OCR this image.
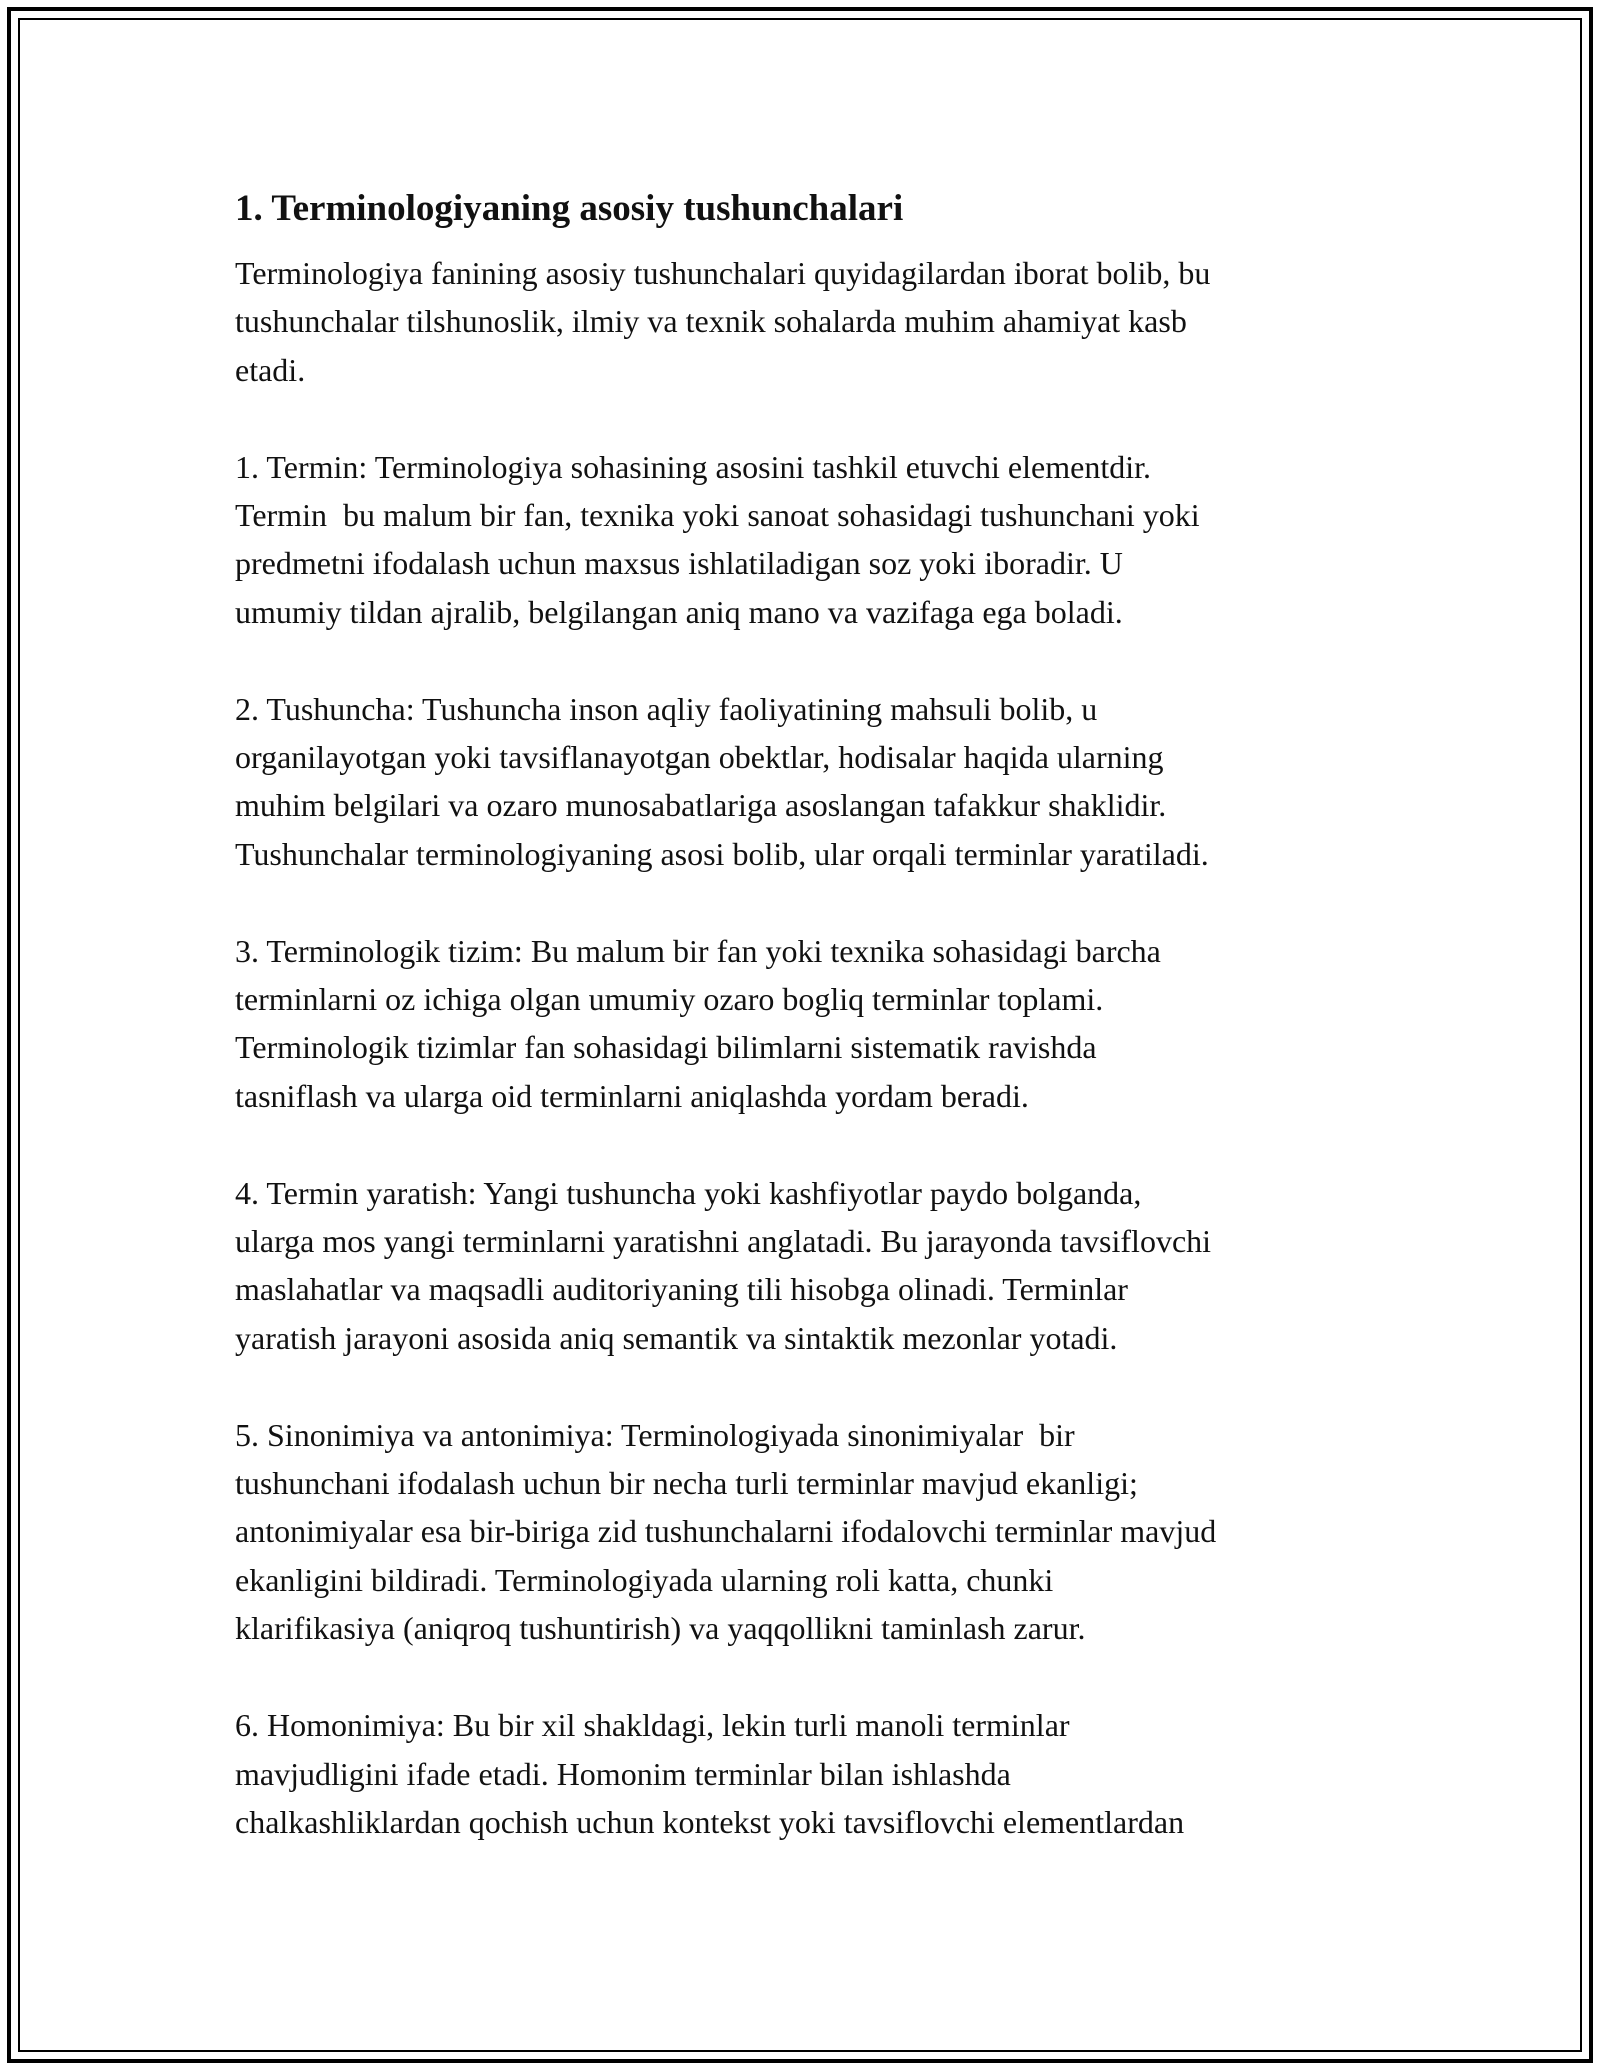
1. Terminologiyaning asosiy tushunchalari

Terminologiya fanining asosiy tushunchalari quyidagilardan iborat bolib, bu
tushunchalar tilshunoslik, ilmiy va texnik sohalarda muhim ahamiyat kasb
etadi.

1. Termin: Terminologiya sohasining asosini tashkil etuvchi elementdir.
Termin  bu malum bir fan, texnika yoki sanoat sohasidagi tushunchani yoki
predmetni ifodalash uchun maxsus ishlatiladigan soz yoki iboradir. U
umumiy tildan ajralib, belgilangan aniq mano va vazifaga ega boladi.

2. Tushuncha: Tushuncha inson aqliy faoliyatining mahsuli bolib, u
organilayotgan yoki tavsiflanayotgan obektlar, hodisalar haqida ularning
muhim belgilari va ozaro munosabatlariga asoslangan tafakkur shaklidir.
Tushunchalar terminologiyaning asosi bolib, ular orqali terminlar yaratiladi.

3. Terminologik tizim: Bu malum bir fan yoki texnika sohasidagi barcha
terminlarni oz ichiga olgan umumiy ozaro bogliq terminlar toplami.
Terminologik tizimlar fan sohasidagi bilimlarni sistematik ravishda
tasniflash va ularga oid terminlarni aniqlashda yordam beradi.

4. Termin yaratish: Yangi tushuncha yoki kashfiyotlar paydo bolganda,
ularga mos yangi terminlarni yaratishni anglatadi. Bu jarayonda tavsiflovchi
maslahatlar va maqsadli auditoriyaning tili hisobga olinadi. Terminlar
yaratish jarayoni asosida aniq semantik va sintaktik mezonlar yotadi.

5. Sinonimiya va antonimiya: Terminologiyada sinonimiyalar  bir
tushunchani ifodalash uchun bir necha turli terminlar mavjud ekanligi;
antonimiyalar esa bir-biriga zid tushunchalarni ifodalovchi terminlar mavjud
ekanligini bildiradi. Terminologiyada ularning roli katta, chunki
klarifikasiya (aniqroq tushuntirish) va yaqqollikni taminlash zarur.

6. Homonimiya: Bu bir xil shakldagi, lekin turli manoli terminlar
mavjudligini ifade etadi. Homonim terminlar bilan ishlashda
chalkashliklardan qochish uchun kontekst yoki tavsiflovchi elementlardan
